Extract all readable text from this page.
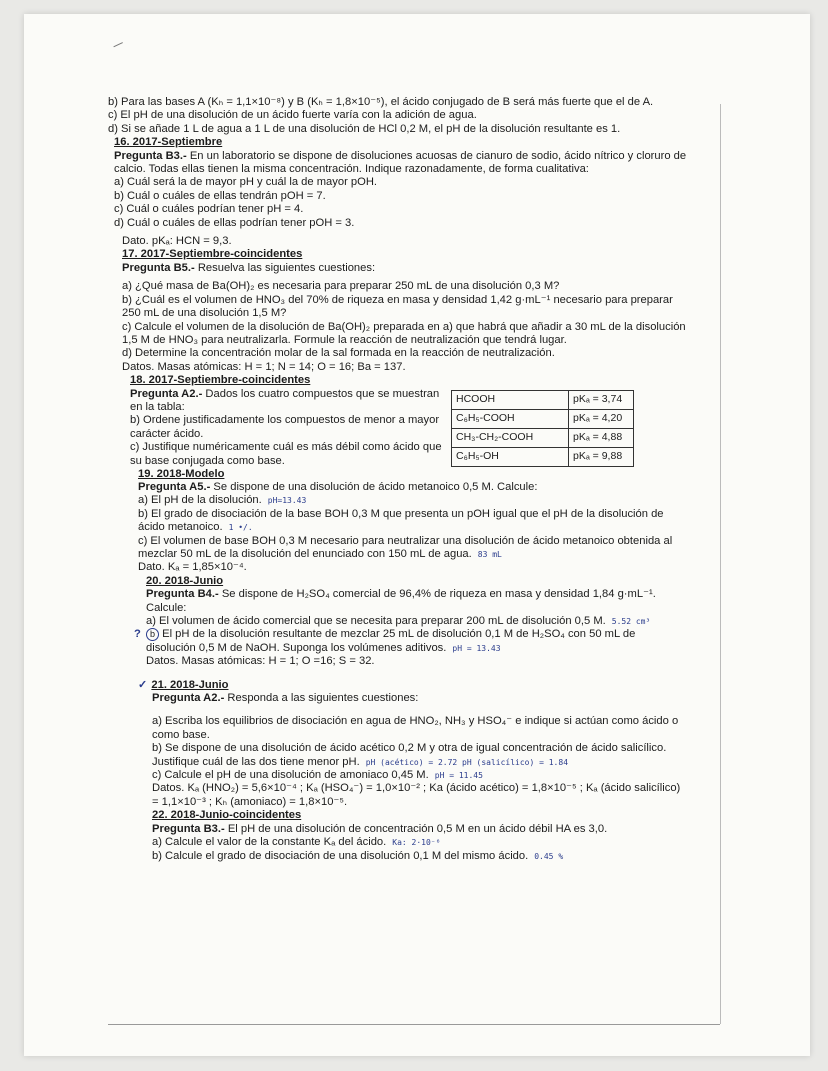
b) Para las bases A (Kₕ = 1,1×10⁻⁸) y B (Kₕ = 1,8×10⁻⁵), el ácido conjugado de B será más fuerte que el de A.

c) El pH de una disolución de un ácido fuerte varía con la adición de agua.

d) Si se añade 1 L de agua a 1 L de una disolución de HCl 0,2 M, el pH de la disolución resultante es 1.

16. 2017-Septiembre

Pregunta B3.- En un laboratorio se dispone de disoluciones acuosas de cianuro de sodio, ácido nítrico y cloruro de calcio. Todas ellas tienen la misma concentración. Indique razonadamente, de forma cualitativa:

a) Cuál será la de mayor pH y cuál la de mayor pOH.

b) Cuál o cuáles de ellas tendrán pOH = 7.

c) Cuál o cuáles podrían tener pH = 4.

d) Cuál o cuáles de ellas podrían tener pOH = 3.

Dato. pKₐ: HCN = 9,3.

17. 2017-Septiembre-coincidentes

Pregunta B5.- Resuelva las siguientes cuestiones:

a) ¿Qué masa de Ba(OH)₂ es necesaria para preparar 250 mL de una disolución 0,3 M?

b) ¿Cuál es el volumen de HNO₃ del 70% de riqueza en masa y densidad 1,42 g·mL⁻¹ necesario para preparar 250 mL de una disolución 1,5 M?

c) Calcule el volumen de la disolución de Ba(OH)₂ preparada en a) que habrá que añadir a 30 mL de la disolución 1,5 M de HNO₃ para neutralizarla. Formule la reacción de neutralización que tendrá lugar.

d) Determine la concentración molar de la sal formada en la reacción de neutralización.

Datos. Masas atómicas: H = 1; N = 14; O = 16; Ba = 137.

18. 2017-Septiembre-coincidentes

Pregunta A2.- Dados los cuatro compuestos que se muestran en la tabla:

b) Ordene justificadamente los compuestos de menor a mayor carácter ácido.

c) Justifique numéricamente cuál es más débil como ácido que su base conjugada como base.

HCOOH	pKₐ = 3,74
C₆H₅-COOH	pKₐ = 4,20
CH₃-CH₂-COOH	pKₐ = 4,88
C₆H₅-OH	pKₐ = 9,88

19. 2018-Modelo

Pregunta A5.- Se dispone de una disolución de ácido metanoico 0,5 M. Calcule:

a) El pH de la disolución. pH=13.43

b) El grado de disociación de la base BOH 0,3 M que presenta un pOH igual que el pH de la disolución de ácido metanoico. 1 •/.

c) El volumen de base BOH 0,3 M necesario para neutralizar una disolución de ácido metanoico obtenida al mezclar 50 mL de la disolución del enunciado con 150 mL de agua. 83 mL

Dato. Kₐ = 1,85×10⁻⁴.

20. 2018-Junio

Pregunta B4.- Se dispone de H₂SO₄ comercial de 96,4% de riqueza en masa y densidad 1,84 g·mL⁻¹. Calcule:

a) El volumen de ácido comercial que se necesita para preparar 200 mL de disolución 0,5 M. 5.52 cm³

? b El pH de la disolución resultante de mezclar 25 mL de disolución 0,1 M de H₂SO₄ con 50 mL de disolución 0,5 M de NaOH. Suponga los volúmenes aditivos. pH = 13.43

Datos. Masas atómicas: H = 1; O =16; S = 32.

✓ 21. 2018-Junio

Pregunta A2.- Responda a las siguientes cuestiones:

a) Escriba los equilibrios de disociación en agua de HNO₂, NH₃ y HSO₄⁻ e indique si actúan como ácido o como base.

b) Se dispone de una disolución de ácido acético 0,2 M y otra de igual concentración de ácido salicílico. Justifique cuál de las dos tiene menor pH. pH (acético) = 2.72 pH (salicílico) = 1.84

c) Calcule el pH de una disolución de amoniaco 0,45 M. pH = 11.45

Datos. Kₐ (HNO₂) = 5,6×10⁻⁴ ; Kₐ (HSO₄⁻) = 1,0×10⁻² ; Ka (ácido acético) = 1,8×10⁻⁵ ; Kₐ (ácido salicílico) = 1,1×10⁻³ ; Kₕ (amoniaco) = 1,8×10⁻⁵.

22. 2018-Junio-coincidentes

Pregunta B3.- El pH de una disolución de concentración 0,5 M en un ácido débil HA es 3,0.

a) Calcule el valor de la constante Kₐ del ácido. Ka: 2·10⁻⁶

b) Calcule el grado de disociación de una disolución 0,1 M del mismo ácido. 0.45 %
